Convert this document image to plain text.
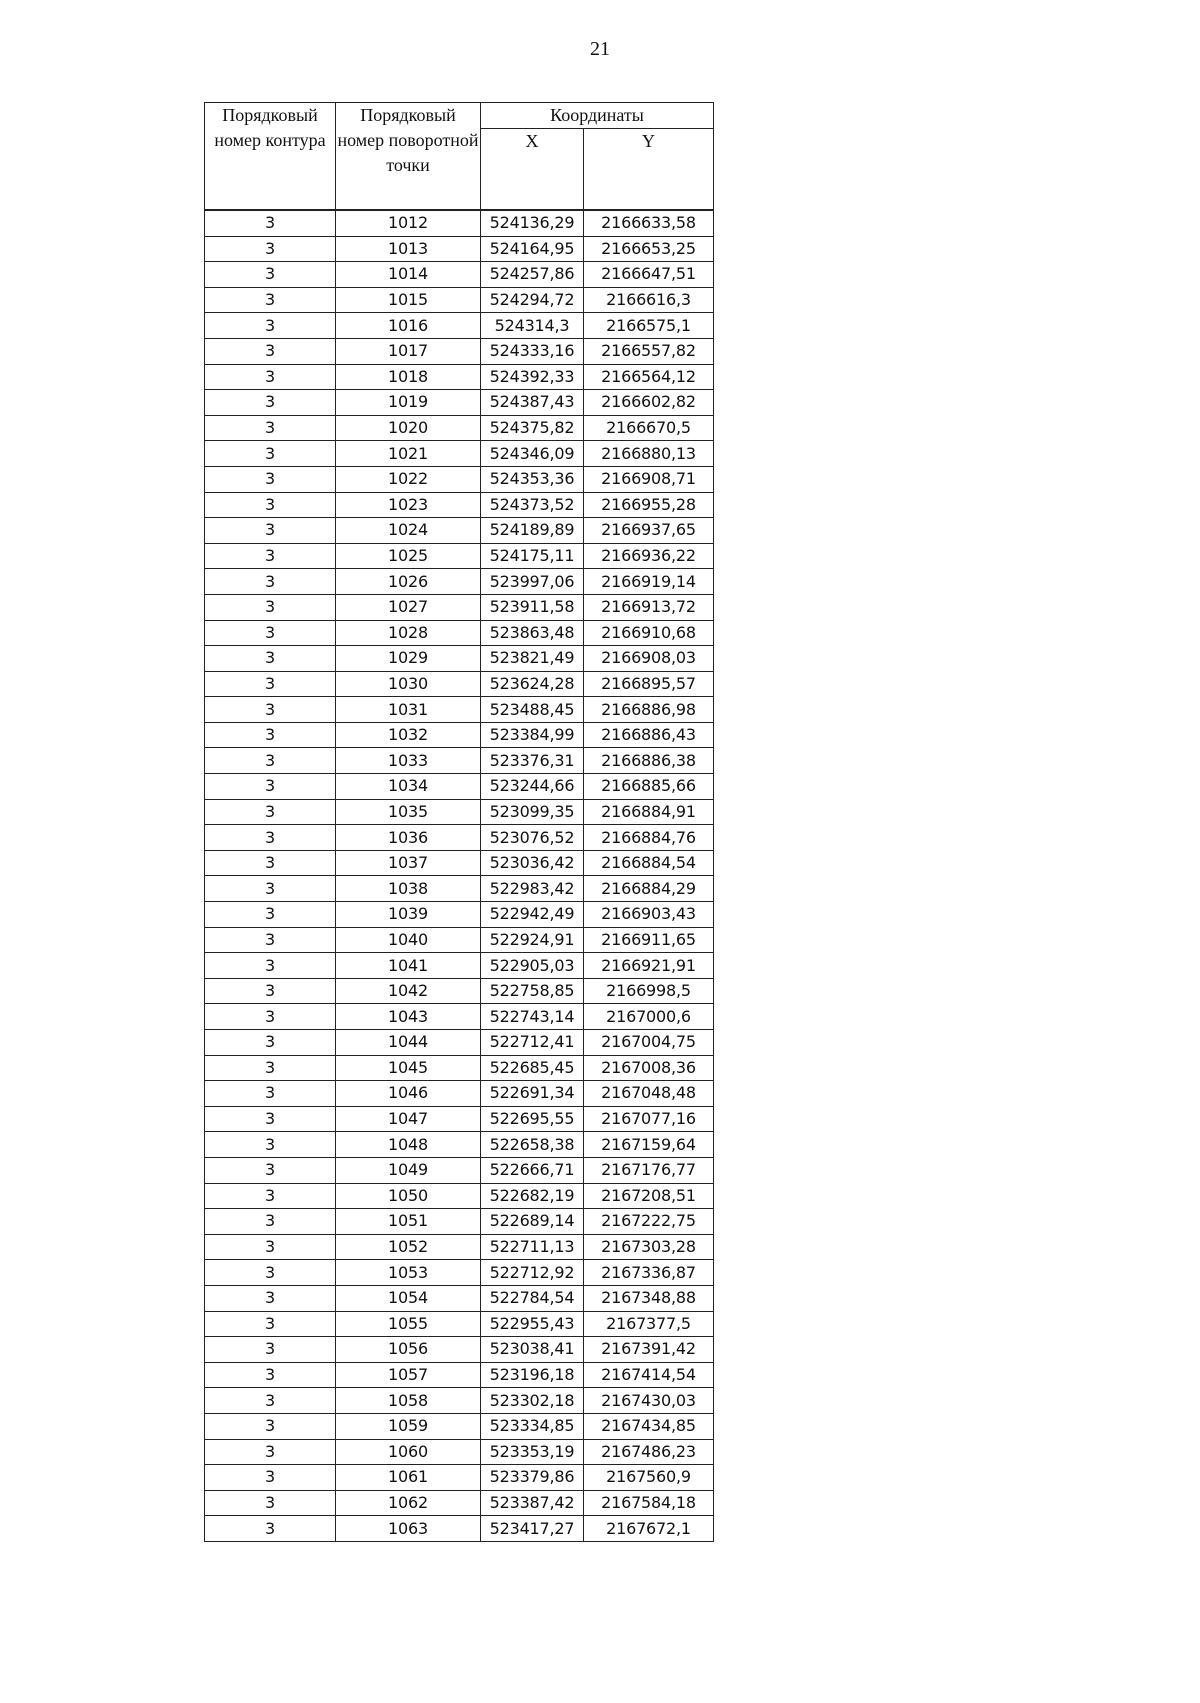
21
Порядковый номер контура	Порядковый номер поворотной точки	Координаты	
		X	Y
3	1012	524136,29	2166633,58
3	1013	524164,95	2166653,25
3	1014	524257,86	2166647,51
3	1015	524294,72	2166616,3
3	1016	524314,3	2166575,1
3	1017	524333,16	2166557,82
3	1018	524392,33	2166564,12
3	1019	524387,43	2166602,82
3	1020	524375,82	2166670,5
3	1021	524346,09	2166880,13
3	1022	524353,36	2166908,71
3	1023	524373,52	2166955,28
3	1024	524189,89	2166937,65
3	1025	524175,11	2166936,22
3	1026	523997,06	2166919,14
3	1027	523911,58	2166913,72
3	1028	523863,48	2166910,68
3	1029	523821,49	2166908,03
3	1030	523624,28	2166895,57
3	1031	523488,45	2166886,98
3	1032	523384,99	2166886,43
3	1033	523376,31	2166886,38
3	1034	523244,66	2166885,66
3	1035	523099,35	2166884,91
3	1036	523076,52	2166884,76
3	1037	523036,42	2166884,54
3	1038	522983,42	2166884,29
3	1039	522942,49	2166903,43
3	1040	522924,91	2166911,65
3	1041	522905,03	2166921,91
3	1042	522758,85	2166998,5
3	1043	522743,14	2167000,6
3	1044	522712,41	2167004,75
3	1045	522685,45	2167008,36
3	1046	522691,34	2167048,48
3	1047	522695,55	2167077,16
3	1048	522658,38	2167159,64
3	1049	522666,71	2167176,77
3	1050	522682,19	2167208,51
3	1051	522689,14	2167222,75
3	1052	522711,13	2167303,28
3	1053	522712,92	2167336,87
3	1054	522784,54	2167348,88
3	1055	522955,43	2167377,5
3	1056	523038,41	2167391,42
3	1057	523196,18	2167414,54
3	1058	523302,18	2167430,03
3	1059	523334,85	2167434,85
3	1060	523353,19	2167486,23
3	1061	523379,86	2167560,9
3	1062	523387,42	2167584,18
3	1063	523417,27	2167672,1
